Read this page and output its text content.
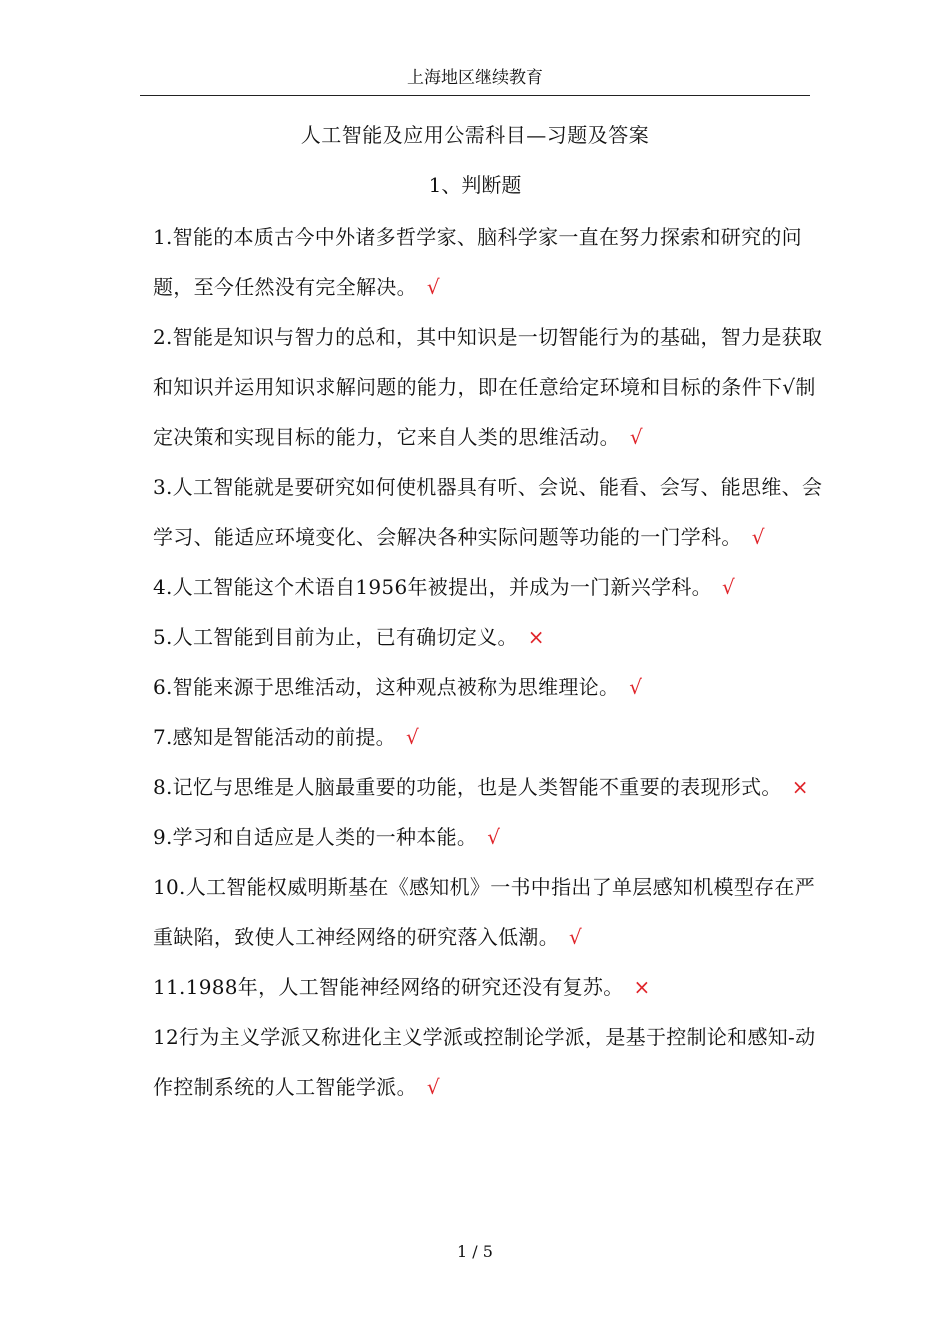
上海地区继续教育
人工智能及应用公需科目—习题及答案
1、判断题
1.智能的本质古今中外诸多哲学家、脑科学家一直在努力探索和研究的问题，至今任然没有完全解决。 √
2.智能是知识与智力的总和，其中知识是一切智能行为的基础，智力是获取和知识并运用知识求解问题的能力，即在任意给定环境和目标的条件下√制定决策和实现目标的能力，它来自人类的思维活动。 √
3.人工智能就是要研究如何使机器具有听、会说、能看、会写、能思维、会学习、能适应环境变化、会解决各种实际问题等功能的一门学科。 √
4.人工智能这个术语自1956年被提出，并成为一门新兴学科。 √
5.人工智能到目前为止，已有确切定义。 ×
6.智能来源于思维活动，这种观点被称为思维理论。 √
7.感知是智能活动的前提。 √
8.记忆与思维是人脑最重要的功能，也是人类智能不重要的表现形式。 ×
9.学习和自适应是人类的一种本能。 √
10.人工智能权威明斯基在《感知机》一书中指出了单层感知机模型存在严重缺陷，致使人工神经网络的研究落入低潮。 √
11.1988年，人工智能神经网络的研究还没有复苏。 ×
12行为主义学派又称进化主义学派或控制论学派，是基于控制论和感知-动作控制系统的人工智能学派。 √
1 / 5
